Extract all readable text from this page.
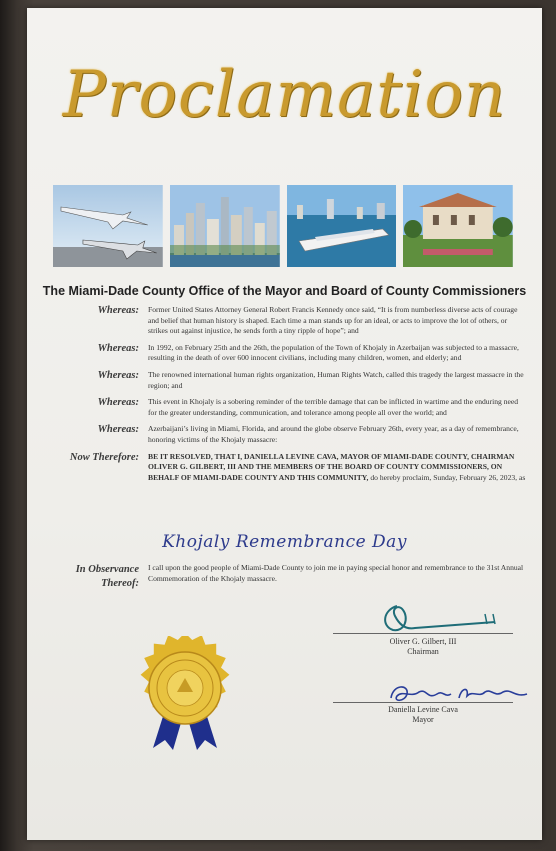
Proclamation
The Miami-Dade County Office of the Mayor and Board of County Commissioners
Whereas:	Former United States Attorney General Robert Francis Kennedy once said, “It is from numberless diverse acts of courage and belief that human history is shaped. Each time a man stands up for an ideal, or acts to improve the lot of others, or strikes out against injustice, he sends forth a tiny ripple of hope”; and
Whereas:	In 1992, on February 25th and the 26th, the population of the Town of Khojaly in Azerbaijan was subjected to a massacre, resulting in the death of over 600 innocent civilians, including many children, women, and elderly; and
Whereas:	The renowned international human rights organization, Human Rights Watch, called this tragedy the largest massacre in the region; and
Whereas:	This event in Khojaly is a sobering reminder of the terrible damage that can be inflicted in wartime and the enduring need for the greater understanding, communication, and tolerance among people all over the world; and
Whereas:	Azerbaijani’s living in Miami, Florida, and around the globe observe February 26th, every year, as a day of remembrance, honoring victims of the Khojaly massacre:
Now Therefore:	BE IT RESOLVED, THAT I, DANIELLA LEVINE CAVA, MAYOR OF MIAMI-DADE COUNTY, CHAIRMAN OLIVER G. GILBERT, III AND THE MEMBERS OF THE BOARD OF COUNTY COMMISSIONERS, ON BEHALF OF MIAMI-DADE COUNTY AND THIS COMMUNITY, do hereby proclaim, Sunday, February 26, 2023, as
Khojaly Remembrance Day
In Observance
Thereof:
I call upon the good people of Miami-Dade County to join me in paying special honor and remembrance to the 31st Annual Commemoration of the Khojaly massacre.
Oliver G. Gilbert, III
Chairman
Daniella Levine Cava
Mayor
